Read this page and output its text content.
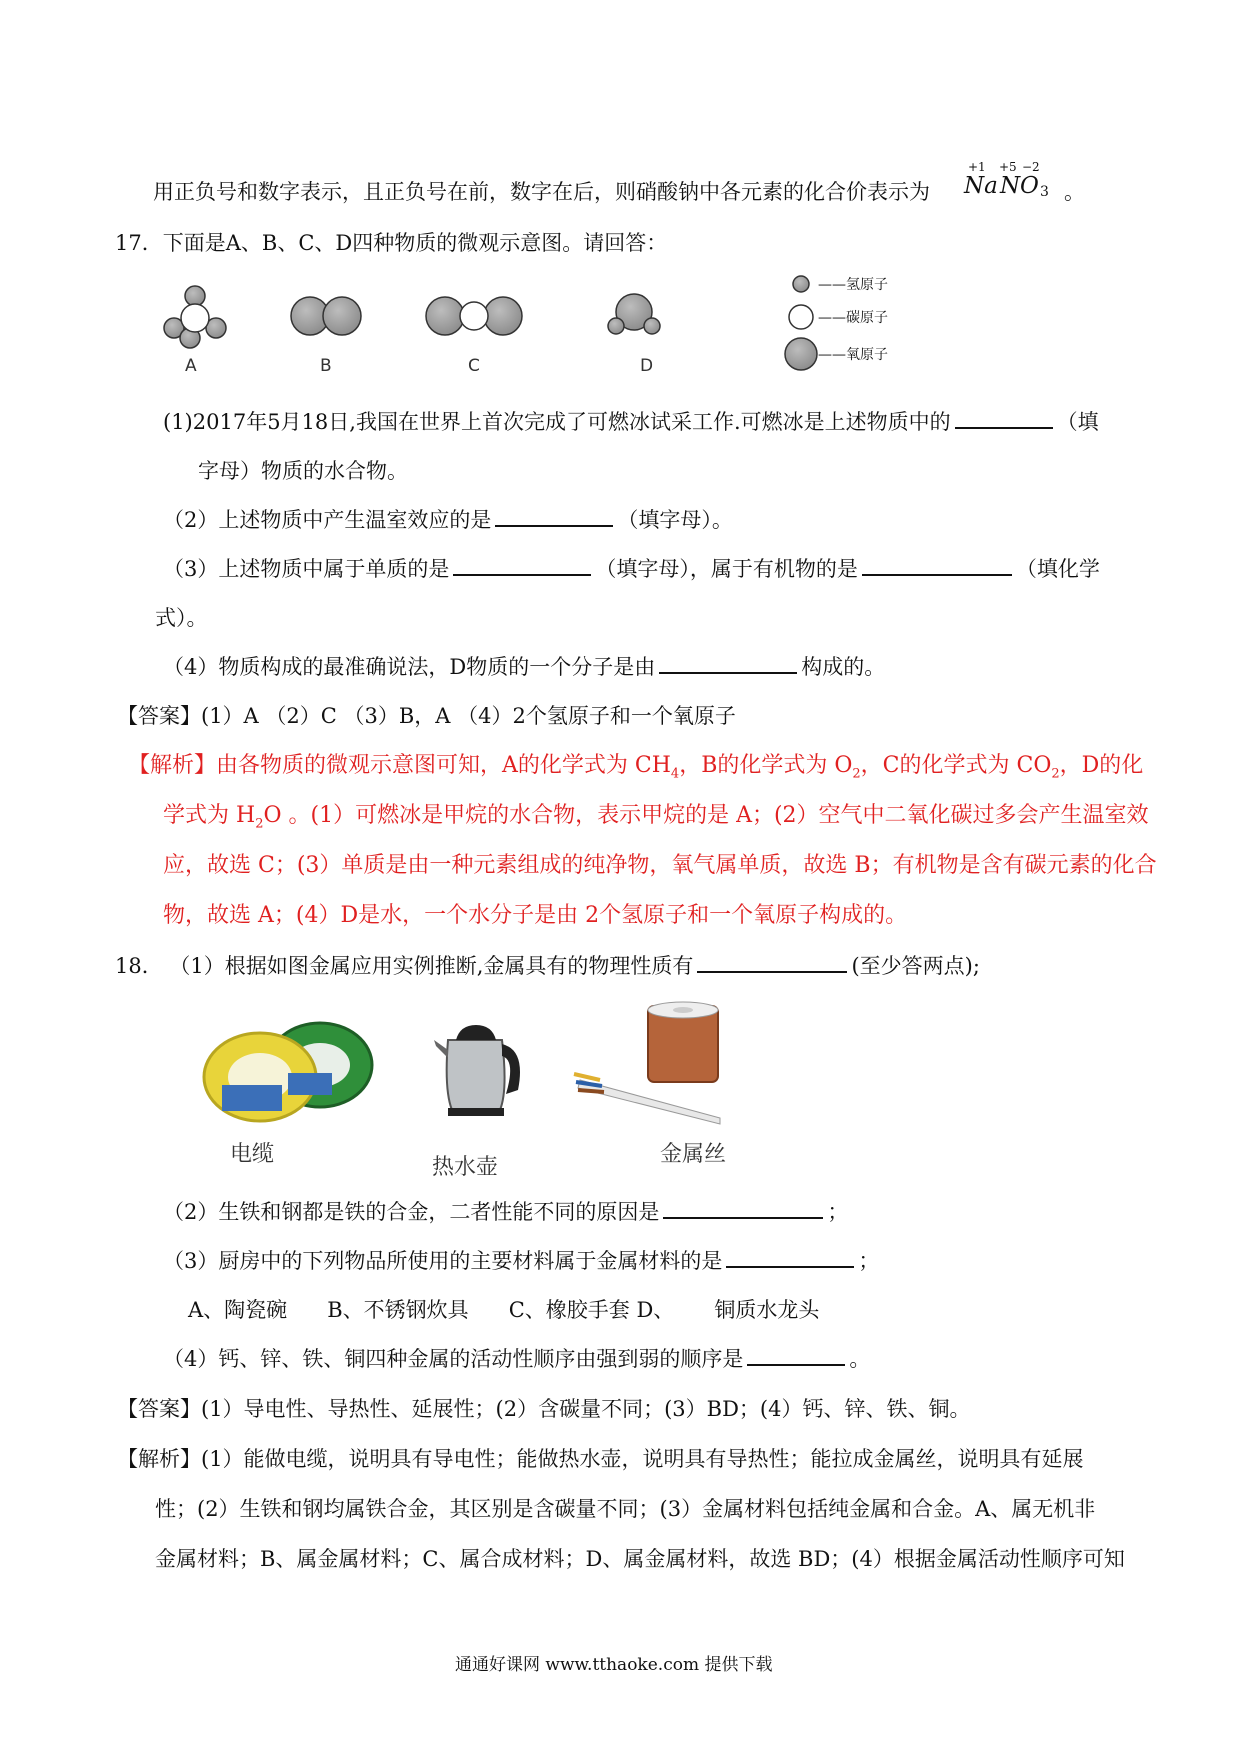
用正负号和数字表示，且正负号在前，数字在后，则硝酸钠中各元素的化合价表示为
+1 +5 −2
Na N O 3 。
17．下面是A、B、C、D四种物质的微观示意图。请回答：
A	B	C	D
——氢原子
——碳原子
——氧原子
(1)2017年5月18日,我国在世界上首次完成了可燃冰试采工作.可燃冰是上述物质中的	（填
字母）物质的水合物。
（2）上述物质中产生温室效应的是	（填字母）。
（3）上述物质中属于单质的是	（填字母），属于有机物的是	（填化学
式）。
（4）物质构成的最准确说法，D物质的一个分子是由	构成的。
【答案】(1）A （2）C （3）B，A （4）2个氢原子和一个氧原子
【解析】由各物质的微观示意图可知，A的化学式为 $CH_4$，B的化学式为 $O_2$，C的化学式为 $CO_2$，D的化
学式为 $H_2O$ 。(1）可燃冰是甲烷的水合物，表示甲烷的是 A；(2）空气中二氧化碳过多会产生温室效
应，故选 C；(3）单质是由一种元素组成的纯净物，氧气属单质，故选 B；有机物是含有碳元素的化合
物，故选 A；(4）D是水，一个水分子是由 2个氢原子和一个氧原子构成的。
18． （1）根据如图金属应用实例推断,金属具有的物理性质有	(至少答两点);
电缆
热水壶
金属丝
（2）生铁和钢都是铁的合金，二者性能不同的原因是	；
（3）厨房中的下列物品所使用的主要材料属于金属材料的是	；
A、陶瓷碗      B、不锈钢炊具      C、橡胶手套 D、      铜质水龙头
（4）钙、锌、铁、铜四种金属的活动性顺序由强到弱的顺序是	。
【答案】(1）导电性、导热性、延展性；(2）含碳量不同；(3）BD；(4）钙、锌、铁、铜。
【解析】(1）能做电缆，说明具有导电性；能做热水壶，说明具有导热性；能拉成金属丝，说明具有延展
性；(2）生铁和钢均属铁合金，其区别是含碳量不同；(3）金属材料包括纯金属和合金。A、属无机非
金属材料；B、属金属材料；C、属合成材料；D、属金属材料，故选 BD；(4）根据金属活动性顺序可知
通通好课网 www.tthaoke.com 提供下载
